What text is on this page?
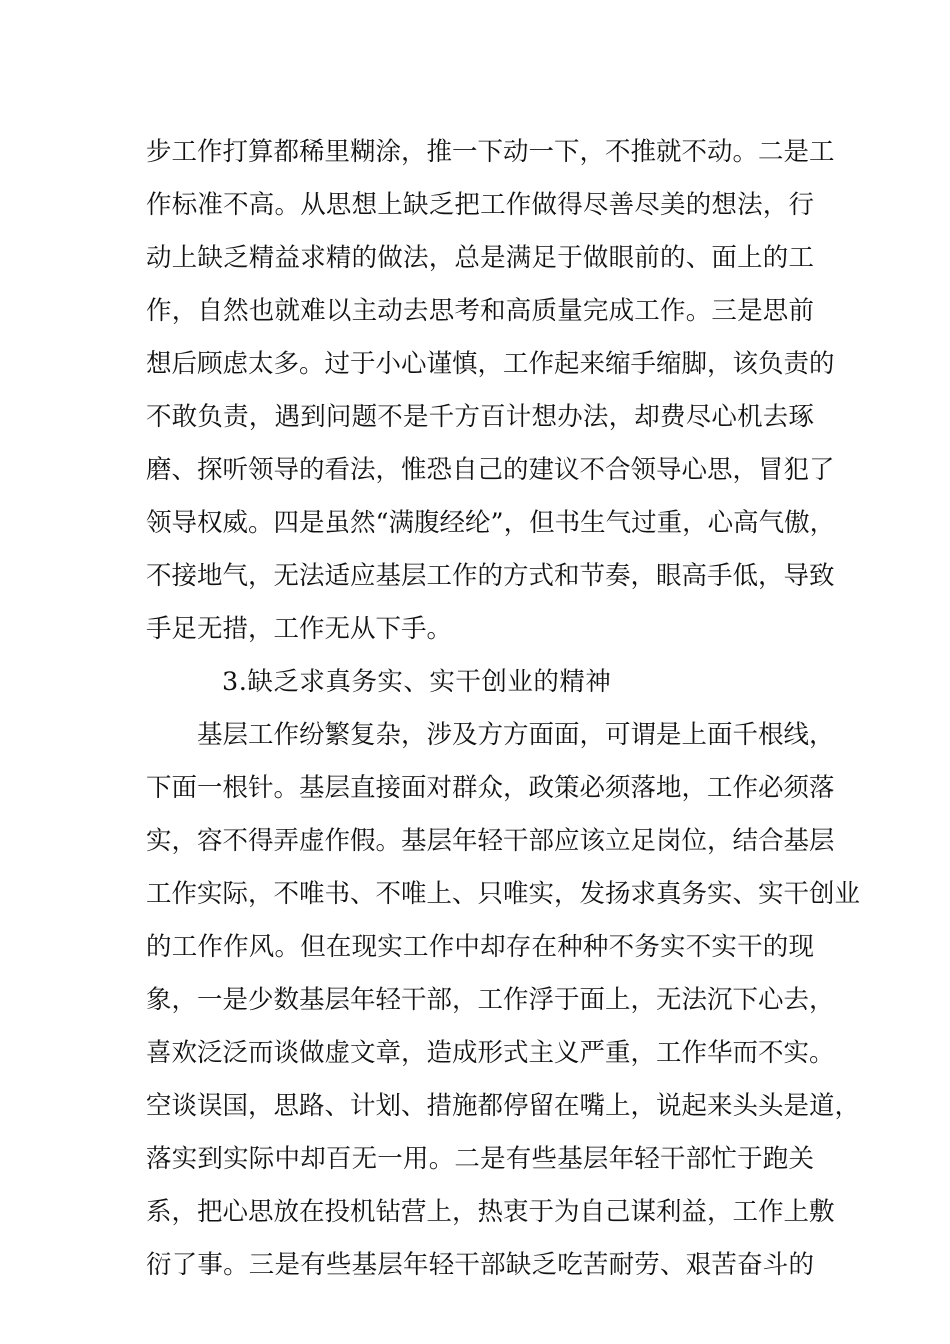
步工作打算都稀里糊涂，推一下动一下，不推就不动。二是工
作标准不高。从思想上缺乏把工作做得尽善尽美的想法，行
动上缺乏精益求精的做法，总是满足于做眼前的、面上的工
作，自然也就难以主动去思考和高质量完成工作。三是思前
想后顾虑太多。过于小心谨慎，工作起来缩手缩脚，该负责的
不敢负责，遇到问题不是千方百计想办法，却费尽心机去琢
磨、探听领导的看法，惟恐自己的建议不合领导心思，冒犯了
领导权威。四是虽然“满腹经纶”，但书生气过重，心高气傲，
不接地气，无法适应基层工作的方式和节奏，眼高手低，导致
手足无措，工作无从下手。
3.缺乏求真务实、实干创业的精神
基层工作纷繁复杂，涉及方方面面，可谓是上面千根线，
下面一根针。基层直接面对群众，政策必须落地，工作必须落
实，容不得弄虚作假。基层年轻干部应该立足岗位，结合基层
工作实际，不唯书、不唯上、只唯实，发扬求真务实、实干创业
的工作作风。但在现实工作中却存在种种不务实不实干的现
象，一是少数基层年轻干部，工作浮于面上，无法沉下心去，
喜欢泛泛而谈做虚文章，造成形式主义严重，工作华而不实。
空谈误国，思路、计划、措施都停留在嘴上，说起来头头是道，
落实到实际中却百无一用。二是有些基层年轻干部忙于跑关
系，把心思放在投机钻营上，热衷于为自己谋利益，工作上敷
衍了事。三是有些基层年轻干部缺乏吃苦耐劳、艰苦奋斗的
